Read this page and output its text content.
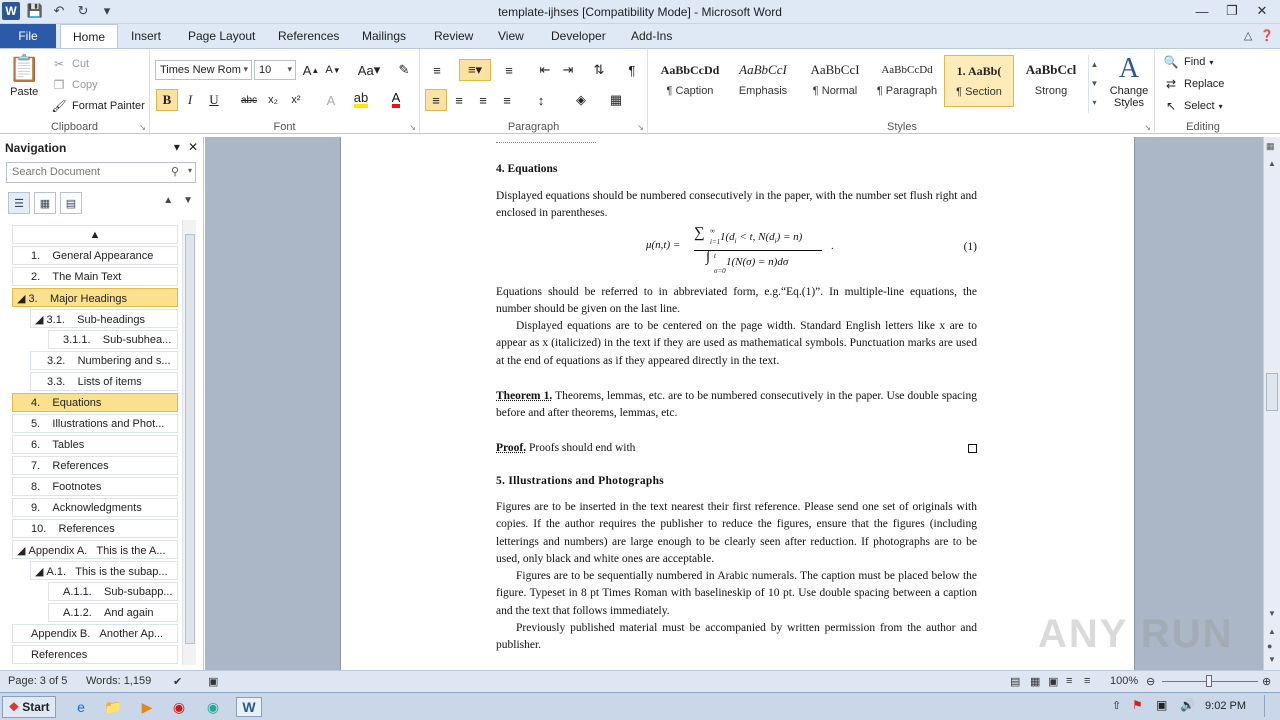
W 💾 ↶ ↻	▾	template-ijhses [Compatibility Mode] - Microsoft Word	—	❐	✕
File	Home	Insert Page Layout References Mailings Review View Developer Add-Ins	△ ❓
📋
Paste
✂ Cut
❐ Copy
🖌 Format Painter
Clipboard	↘
Times New Rom ▾	10 ▾	A ▲ A ▼ Aa ▾	✎
B	I	U	abc	x₂	x²	A	ab A
Font	↘
≡	≡▾	≡	⇤ ⇥	⇅	¶
≡	≡	≡	≡	↕	◈	▦
Paragraph	↘
AaBbCcDd
¶ Caption
AaBbCcI
Emphasis
AaBbCcI
¶ Normal
AaBbCcDd
¶ Paragraph
1. AaBb(
¶ Section
AaBbCcl
Strong
▲
▼
▾
A
Change Styles
Styles	↘
🔍 Find ▾
⇄ Replace
↖ Select ▾
Editing
Navigation	▾ ✕
Search Document	⚲ ▾
☰	▦	▤	▲ ▼
▲
1. General Appearance
2. The Main Text
◢ 3. Major Headings
◢ 3.1. Sub-headings
3.1.1. Sub-subhea...
3.2. Numbering and s...
3.3. Lists of items
4. Equations
5. Illustrations and Phot...
6. Tables
7. References
8. Footnotes
9. Acknowledgments
10. References
◢ Appendix A. This is the A...
◢ A.1. This is the subap...
A.1.1. Sub-subapp...
A.1.2. And again
Appendix B. Another Ap...
References
4. Equations

Displayed equations should be numbered consecutively in the paper, with the number set flush right and enclosed in parentheses.

μ(n,t) =
∑ ∞
i=1 $1(d_i < t$, $N(d_i) = n$)
∫ t
σ=0
1(N(σ) = n)dσ
.	(1)

Equations should be referred to in abbreviated form, e.g.“Eq.(1)”. In multiple-line equations, the number should be given on the last line.

Displayed equations are to be centered on the page width. Standard English letters like x are to appear as x (italicized) in the text if they are used as mathematical symbols. Punctuation marks are used at the end of equations as if they appeared directly in the text.

Theorem 1. Theorems, lemmas, etc. are to be numbered consecutively in the paper. Use double spacing before and after theorems, lemmas, etc.

Proof. Proofs should end with

5. Illustrations and Photographs

Figures are to be inserted in the text nearest their first reference. Please send one set of originals with copies. If the author requires the publisher to reduce the figures, ensure that the figures (including letterings and numbers) are large enough to be clearly seen after reduction. If photographs are to be used, only black and white ones are acceptable.

Figures are to be sequentially numbered in Arabic numerals. The caption must be placed below the figure. Typeset in 8 pt Times Roman with baselineskip of 10 pt. Use double spacing between a caption and the text that follows immediately.

Previously published material must be accompanied by written permission from the author and publisher.

▦
▲
▼
▲
●
▼
ANY RUN
Page: 3 of 5 Words: 1,159 ✔ ▣	▤ ▦ ▣ ≡ ≡ 100% ⊖	⊕
❖ Start	e	📁	▶	◉	◉	W	⇧ ⚑ ▣ 🔊 9:02 PM
